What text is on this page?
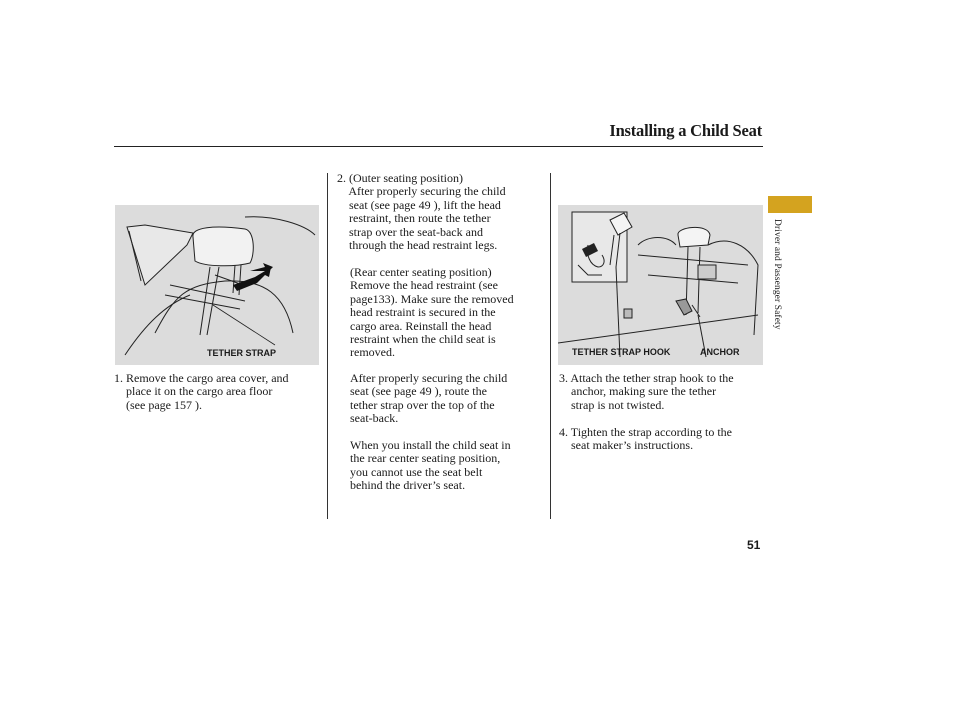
Installing a Child Seat
Driver and Passenger Safety
TETHER STRAP	TETHER STRAP HOOK	ANCHOR
1. Remove the cargo area cover, and
place it on the cargo area floor
(see page 157 ).
2. (Outer seating position)
After properly securing the child
seat (see page 49 ), lift the head
restraint, then route the tether
strap over the seat-back and
through the head restraint legs.
(Rear center seating position)
Remove the head restraint (see
page133). Make sure the removed
head restraint is secured in the
cargo area. Reinstall the head
restraint when the child seat is
removed.
After properly securing the child
seat (see page 49 ), route the
tether strap over the top of the
seat-back.
When you install the child seat in
the rear center seating position,
you cannot use the seat belt
behind the driver’s seat.
3. Attach the tether strap hook to the
anchor, making sure the tether
strap is not twisted.
4. Tighten the strap according to the
seat maker’s instructions.
51
